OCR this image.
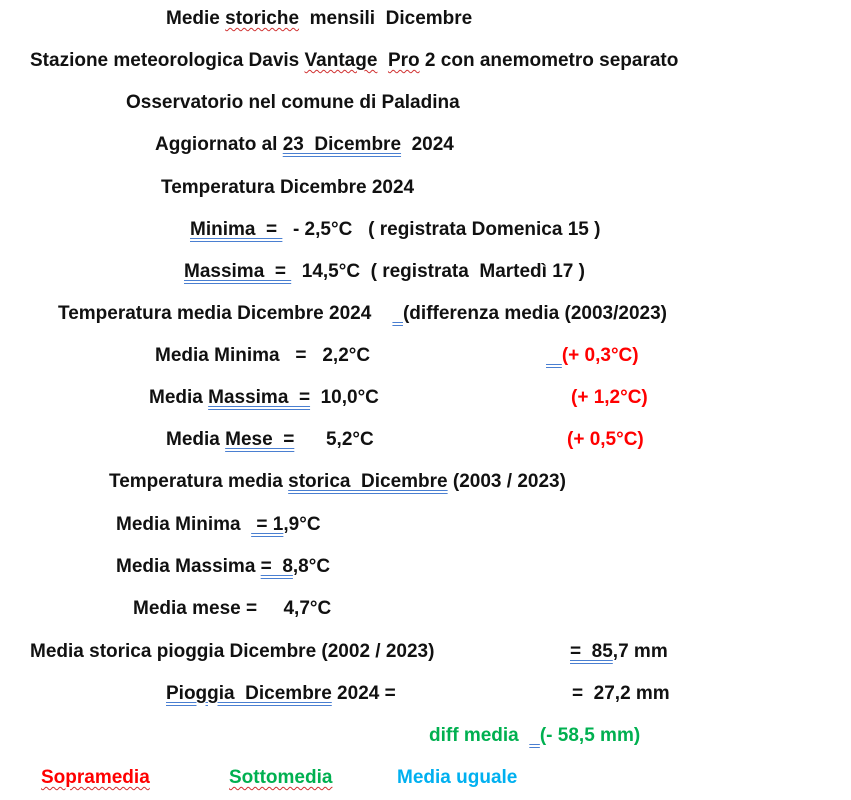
Medie storiche  mensili  Dicembre
Stazione meteorologica Davis Vantage Pro 2 con anemometro separato
Osservatorio nel comune di Paladina
Aggiornato al 23  Dicembre  2024
Temperatura Dicembre 2024
Minima  =   - 2,5°C   ( registrata Domenica 15 )
Massima  =   14,5°C  ( registrata  Martedì 17 )
Temperatura media Dicembre 2024      (differenza media (2003/2023)
Media Minima   =   2,2°C	(+ 0,3°C)
Media Massima  =  10,0°C	(+ 1,2°C)
Media Mese  =      5,2°C	(+ 0,5°C)
Temperatura media storica  Dicembre (2003 / 2023)
Media Minima   = 1,9°C
Media Massima =  8,8°C
Media mese =     4,7°C
Media storica pioggia Dicembre (2002 / 2023)	=  85,7 mm
Pioggia  Dicembre 2024 =	=  27,2 mm
diff media    (- 58,5 mm)
Sopramedia	Sottomedia	Media uguale
